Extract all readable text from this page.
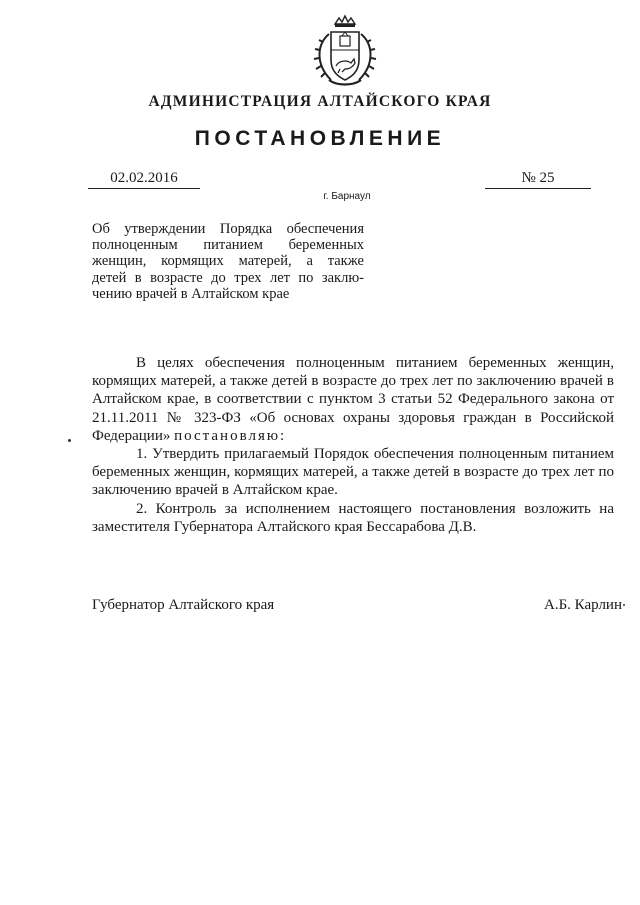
АДМИНИСТРАЦИЯ АЛТАЙСКОГО КРАЯ
ПОСТАНОВЛЕНИЕ
02.02.2016	№ 25
г. Барнаул
Об утверждении Порядка обеспечения
полноценным питанием беременных
женщин, кормящих матерей, а также
детей в возрасте до трех лет по заклю-
чению врачей в Алтайском крае

В целях обеспечения полноценным питанием беременных женщин, кормящих матерей, а также детей в возрасте до трех лет по заключению врачей в Алтайском крае, в соответствии с пунктом 3 статьи 52 Федерального закона от 21.11.2011 № 323-ФЗ «Об основах охраны здоровья граждан в Российской Федерации» постановляю:

1. Утвердить прилагаемый Порядок обеспечения полноценным питанием беременных женщин, кормящих матерей, а также детей в возрасте до трех лет по заключению врачей в Алтайском крае.

2. Контроль за исполнением настоящего постановления возложить на заместителя Губернатора Алтайского края Бессарабова Д.В.

Губернатор Алтайского края	А.Б. Карлин
